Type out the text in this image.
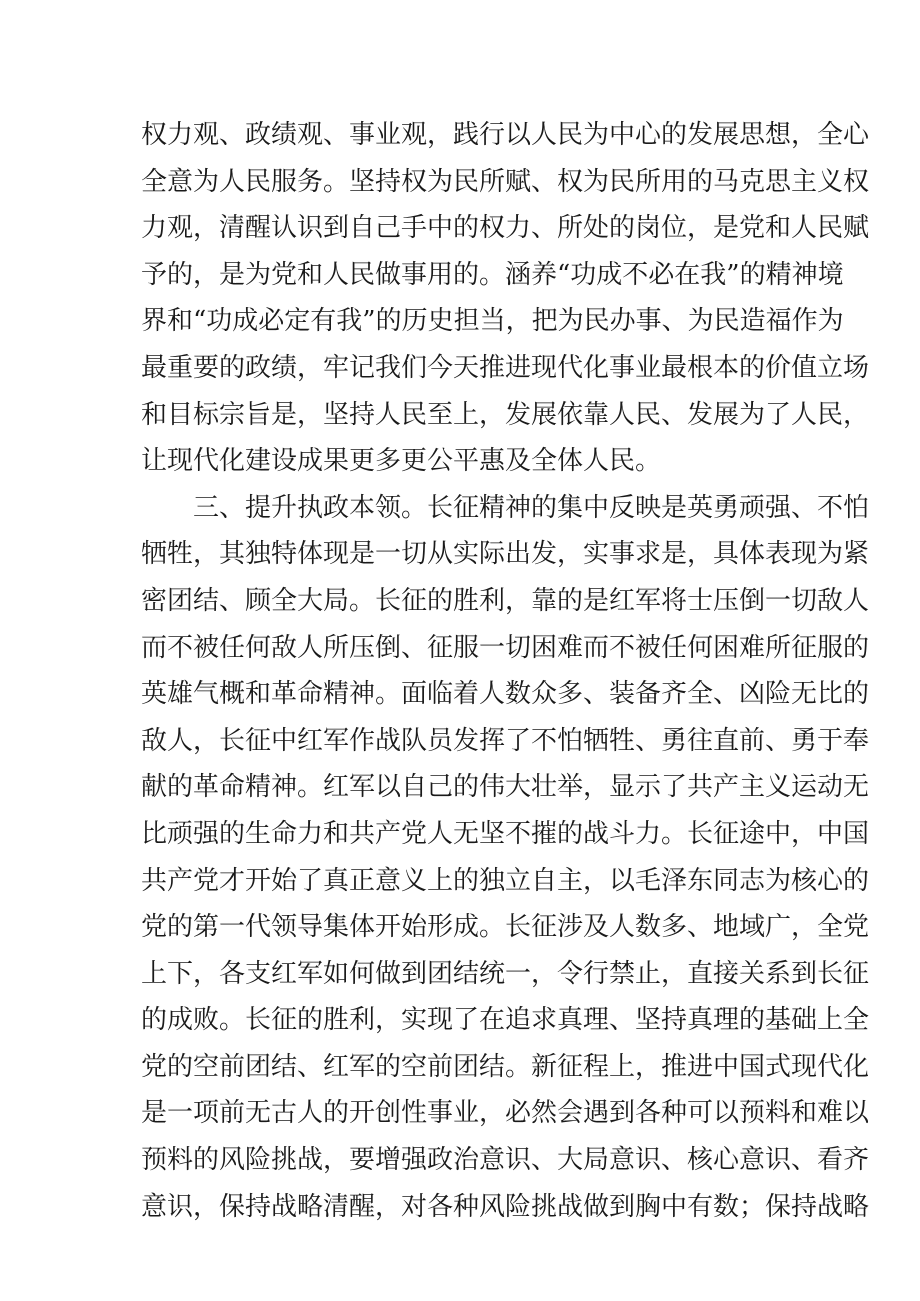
权力观、政绩观、事业观，践行以人民为中心的发展思想，全心
全意为人民服务。坚持权为民所赋、权为民所用的马克思主义权
力观，清醒认识到自己手中的权力、所处的岗位，是党和人民赋
予的，是为党和人民做事用的。涵养“功成不必在我”的精神境
界和“功成必定有我”的历史担当，把为民办事、为民造福作为
最重要的政绩，牢记我们今天推进现代化事业最根本的价值立场
和目标宗旨是，坚持人民至上，发展依靠人民、发展为了人民，
让现代化建设成果更多更公平惠及全体人民。
三、提升执政本领。长征精神的集中反映是英勇顽强、不怕
牺牲，其独特体现是一切从实际出发，实事求是，具体表现为紧
密团结、顾全大局。长征的胜利，靠的是红军将士压倒一切敌人
而不被任何敌人所压倒、征服一切困难而不被任何困难所征服的
英雄气概和革命精神。面临着人数众多、装备齐全、凶险无比的
敌人，长征中红军作战队员发挥了不怕牺牲、勇往直前、勇于奉
献的革命精神。红军以自己的伟大壮举，显示了共产主义运动无
比顽强的生命力和共产党人无坚不摧的战斗力。长征途中，中国
共产党才开始了真正意义上的独立自主，以毛泽东同志为核心的
党的第一代领导集体开始形成。长征涉及人数多、地域广，全党
上下，各支红军如何做到团结统一，令行禁止，直接关系到长征
的成败。长征的胜利，实现了在追求真理、坚持真理的基础上全
党的空前团结、红军的空前团结。新征程上，推进中国式现代化
是一项前无古人的开创性事业，必然会遇到各种可以预料和难以
预料的风险挑战，要增强政治意识、大局意识、核心意识、看齐
意识，保持战略清醒，对各种风险挑战做到胸中有数；保持战略
